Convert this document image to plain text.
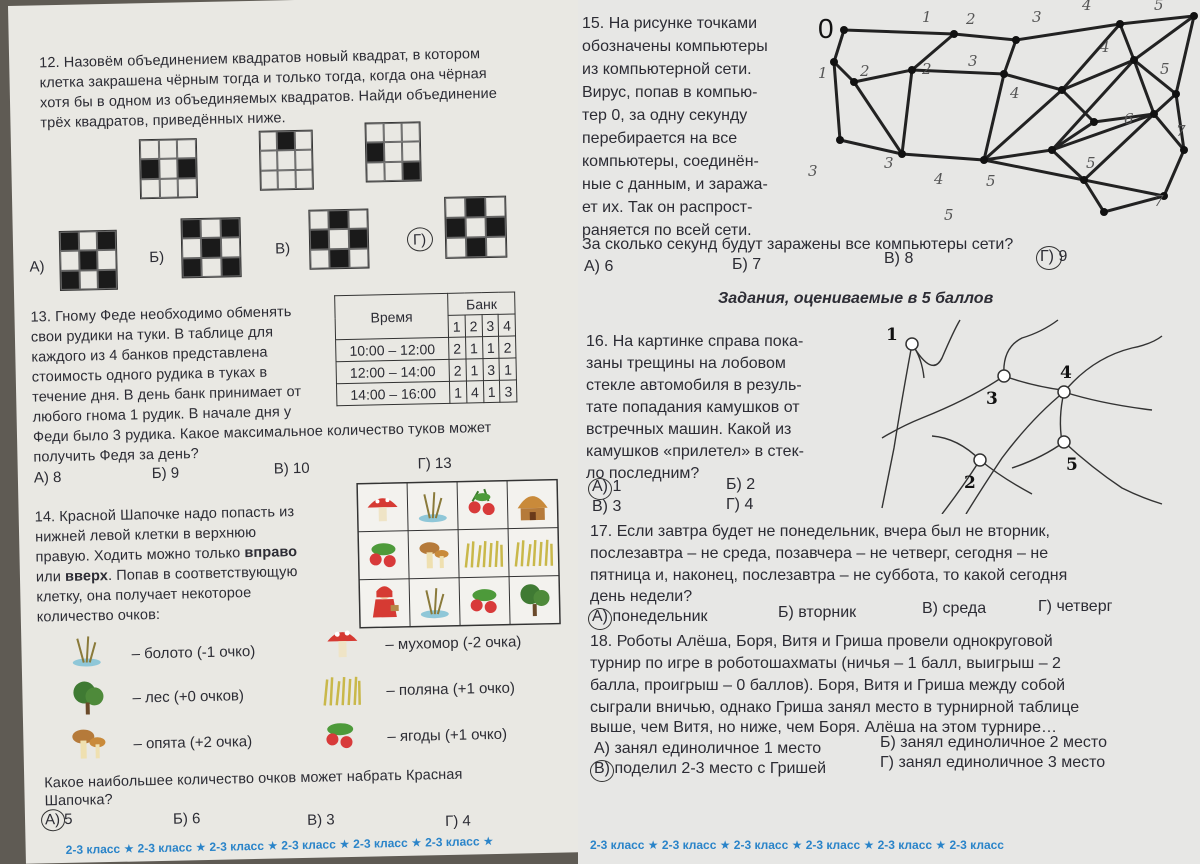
12. Назовём объединением квадратов новый квадрат, в котором
клетка закрашена чёрным тогда и только тогда, когда она чёрная
хотя бы в одном из объединяемых квадратов. Найди объединение
трёх квадратов, приведённых ниже.
А)
Б)	В)
Г)
13. Гному Феде необходимо обменять
свои рудики на туки. В таблице для
каждого из 4 банков представлена
стоимость одного рудика в туках в
течение дня. В день банк принимает от
любого гнома 1 рудик. В начале дня у
Феди было 3 рудика. Какое максимальное количество туков может
получить Федя за день?
Время	Банк			
	1	2	3	4
10:00 – 12:00	2	1	1	2
12:00 – 14:00	2	1	3	1
14:00 – 16:00	1	4	1	3
А) 8	Б) 9	В) 10	Г) 13
14. Красной Шапочке надо попасть из
нижней левой клетки в верхнюю
правую. Ходить можно только вправо
или вверх. Попав в соответствующую
клетку, она получает некоторое
количество очков:
– болото (-1 очко)	– мухомор (-2 очка)
– лес (+0 очков)	– поляна (+1 очко)
– опята (+2 очка)	– ягоды (+1 очко)
Какое наибольшее количество очков может набрать Красная
Шапочка?
А) 5	Б) 6	В) 3	Г) 4
2-3 класс ★ 2-3 класс ★ 2-3 класс ★ 2-3 класс ★ 2-3 класс ★ 2-3 класс ★
15. На рисунке точками
обозначены компьютеры
из компьютерной сети.
Вирус, попав в компью-
тер 0, за одну секунду
перебирается на все
компьютеры, соединён-
ные с данным, и заража-
ет их. Так он распрост-
раняется по всей сети.
За сколько секунд будут заражены все компьютеры сети?
0	1 2	3
4	5
1 2	2 3
4
4
5
6
7
3
4	5
5
7
5
3
А) 6	Б) 7	В) 8	Г) 9
Задания, оцениваемые в 5 баллов
16. На картинке справа пока-
заны трещины на лобовом
стекле автомобиля в резуль-
тате попадания камушков от
встречных машин. Какой из
камушков «прилетел» в стек-
ло последним?
1
2
3
4
5
А) 1	Б) 2
В) 3	Г) 4
17. Если завтра будет не понедельник, вчера был не вторник,
послезавтра – не среда, позавчера – не четверг, сегодня – не
пятница и, наконец, послезавтра – не суббота, то какой сегодня
день недели?
А) понедельник	Б) вторник	В) среда	Г) четверг
18. Роботы Алёша, Боря, Витя и Гриша провели однокруговой
турнир по игре в роботошахматы (ничья – 1 балл, выигрыш – 2
балла, проигрыш – 0 баллов). Боря, Витя и Гриша между собой
сыграли вничью, однако Гриша занял место в турнирной таблице
выше, чем Витя, но ниже, чем Боря. Алёша на этом турнире…
А) занял единоличное 1 место	Б) занял единоличное 2 место
В) поделил 2-3 место с Гришей	Г) занял единоличное 3 место
2-3 класс ★ 2-3 класс ★ 2-3 класс ★ 2-3 класс ★ 2-3 класс ★ 2-3 класс
